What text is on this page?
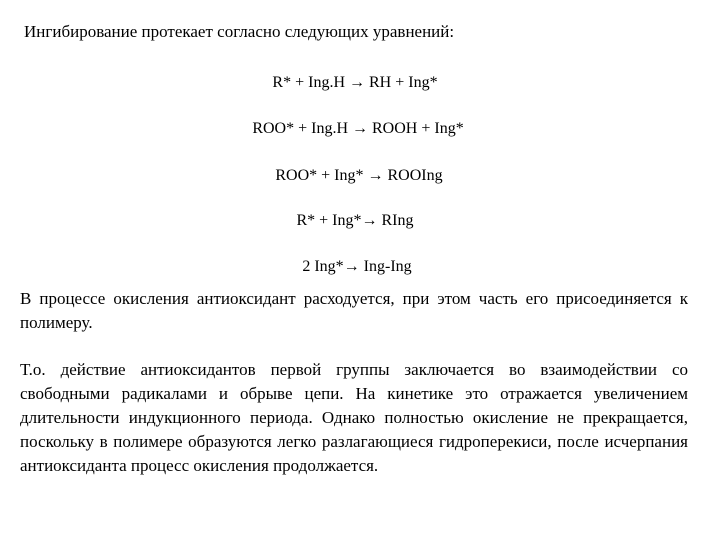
Ингибирование протекает согласно следующих уравнений:
R* + Ing.H → RH + Ing*
ROO* + Ing.H → ROOH + Ing*
ROO* + Ing* → ROOIng
R* + Ing*→ RIng
2 Ing*→ Ing-Ing

В процессе окисления антиоксидант расходуется, при этом часть его присоединяется к полимеру.

Т.о. действие антиоксидантов первой группы заключается во взаимодействии со свободными радикалами и обрыве цепи. На кинетике это отражается увеличением длительности индукционного периода. Однако полностью окисление не прекращается, поскольку в полимере образуются легко разлагающиеся гидроперекиси, после исчерпания антиоксиданта процесс окисления продолжается.
